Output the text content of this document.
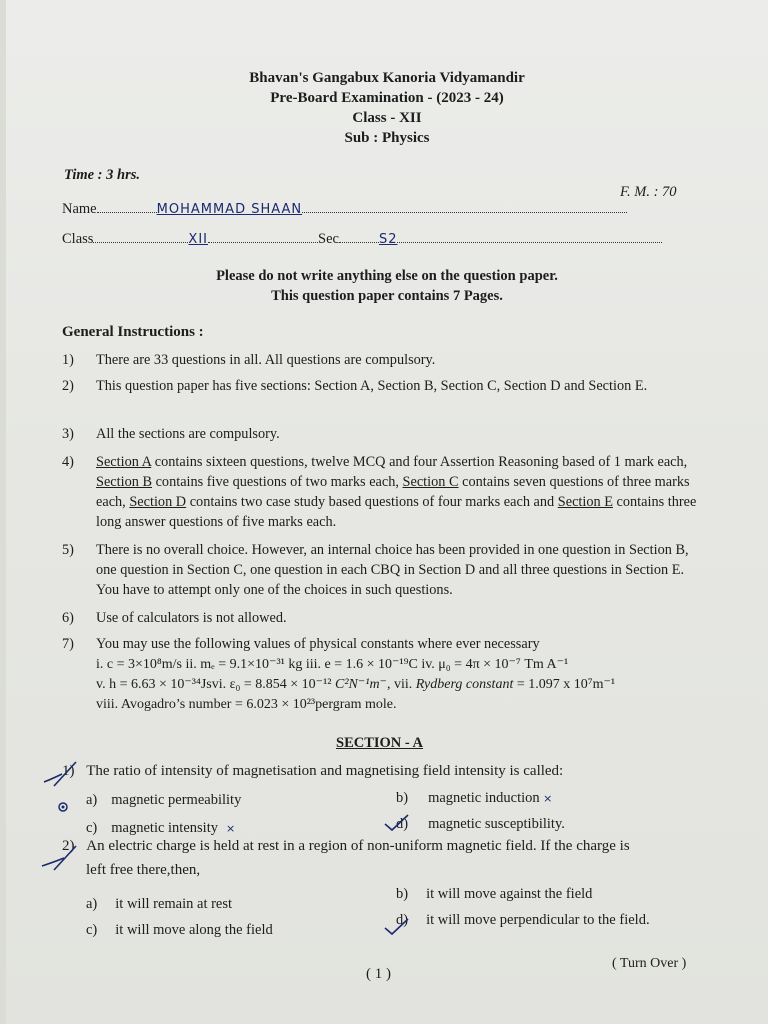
Bhavan's Gangabux Kanoria Vidyamandir
Pre-Board Examination - (2023 - 24)
Class - XII
Sub : Physics
Time : 3 hrs.
F. M. : 70
Name	MOHAMMAD SHAAN
Class	XII	Sec	S2
Please do not write anything else on the question paper.
This question paper contains 7 Pages.
General Instructions :
1) There are 33 questions in all. All questions are compulsory.
2) This question paper has five sections: Section A, Section B, Section C, Section D and Section E.
3) All the sections are compulsory.
4) Section A contains sixteen questions, twelve MCQ and four Assertion Reasoning based of 1 mark each, Section B contains five questions of two marks each, Section C contains seven questions of three marks each, Section D contains two case study based questions of four marks each and Section E contains three long answer questions of five marks each.
5) There is no overall choice. However, an internal choice has been provided in one question in Section B, one question in Section C, one question in each CBQ in Section D and all three questions in Section E. You have to attempt only one of the choices in such questions.
6) Use of calculators is not allowed.
7) You may use the following values of physical constants where ever necessary
i. c = 3×10⁸m/s ii. mₑ = 9.1×10⁻³¹ kg iii. e = 1.6 × 10⁻¹⁹C iv. μ₀ = 4π × 10⁻⁷ Tm A⁻¹
v. h = 6.63 × 10⁻³⁴Jsvi. ε₀ = 8.854 × 10⁻¹² C²N⁻¹m⁻, vii. Rydberg constant = 1.097 x 10⁷m⁻¹
viii. Avogadro’s number = 6.023 × 10²³pergram mole.
SECTION - A
1) The ratio of intensity of magnetisation and magnetising field intensity is called:
a) magnetic permeability	b) magnetic induction ×
c) magnetic intensity ×	d) magnetic susceptibility.
2) An electric charge is held at rest in a region of non-uniform magnetic field. If the charge is
left free there,then,
a) it will remain at rest
b) it will move against the field
c) it will move along the field
d) it will move perpendicular to the field.
( 1 )
( Turn Over )
